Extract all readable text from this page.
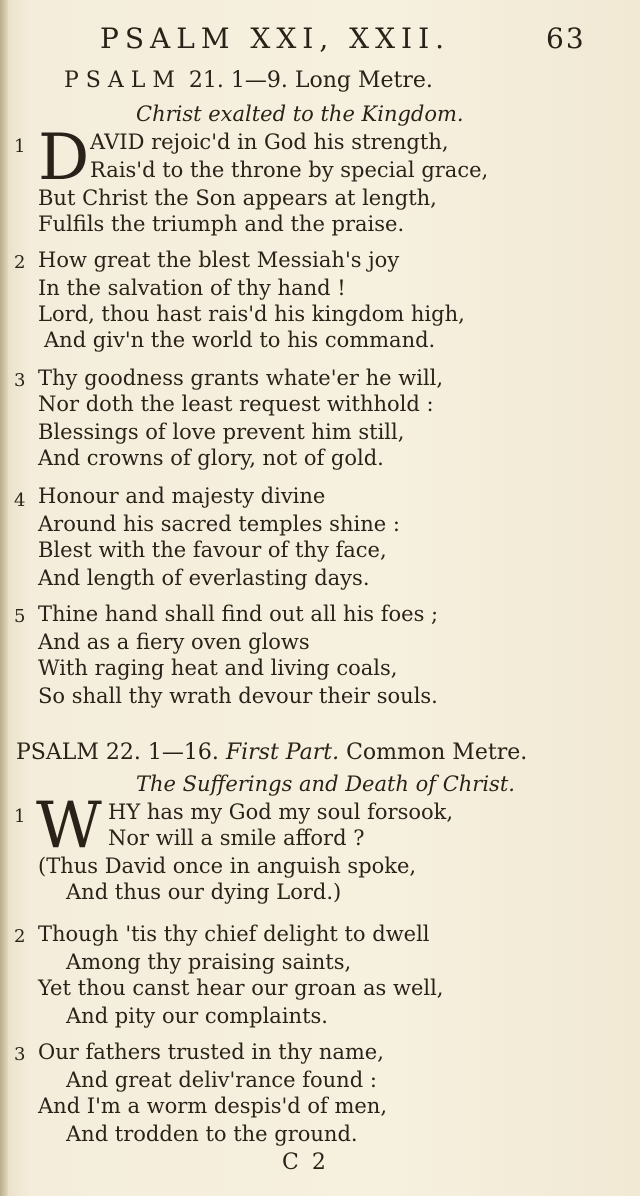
PSALM XXI, XXII.	63
PSALM 21. 1—9. Long Metre.
Christ exalted to the Kingdom.
1 D AVID rejoic'd in God his strength,
Rais'd to the throne by special grace,
But Christ the Son appears at length,
Fulfils the triumph and the praise.
2 How great the blest Messiah's joy
In the salvation of thy hand !
Lord, thou hast rais'd his kingdom high,
And giv'n the world to his command.
3 Thy goodness grants whate'er he will,
Nor doth the least request withhold :
Blessings of love prevent him still,
And crowns of glory, not of gold.
4 Honour and majesty divine
Around his sacred temples shine :
Blest with the favour of thy face,
And length of everlasting days.
5 Thine hand shall find out all his foes ;
And as a fiery oven glows
With raging heat and living coals,
So shall thy wrath devour their souls.
PSALM 22. 1—16. First Part. Common Metre.
The Sufferings and Death of Christ.
1 W HY has my God my soul forsook,
Nor will a smile afford ?
(Thus David once in anguish spoke,
And thus our dying Lord.)
2 Though 'tis thy chief delight to dwell
Among thy praising saints,
Yet thou canst hear our groan as well,
And pity our complaints.
3 Our fathers trusted in thy name,
And great deliv'rance found :
And I'm a worm despis'd of men,
And trodden to the ground.
C 2
